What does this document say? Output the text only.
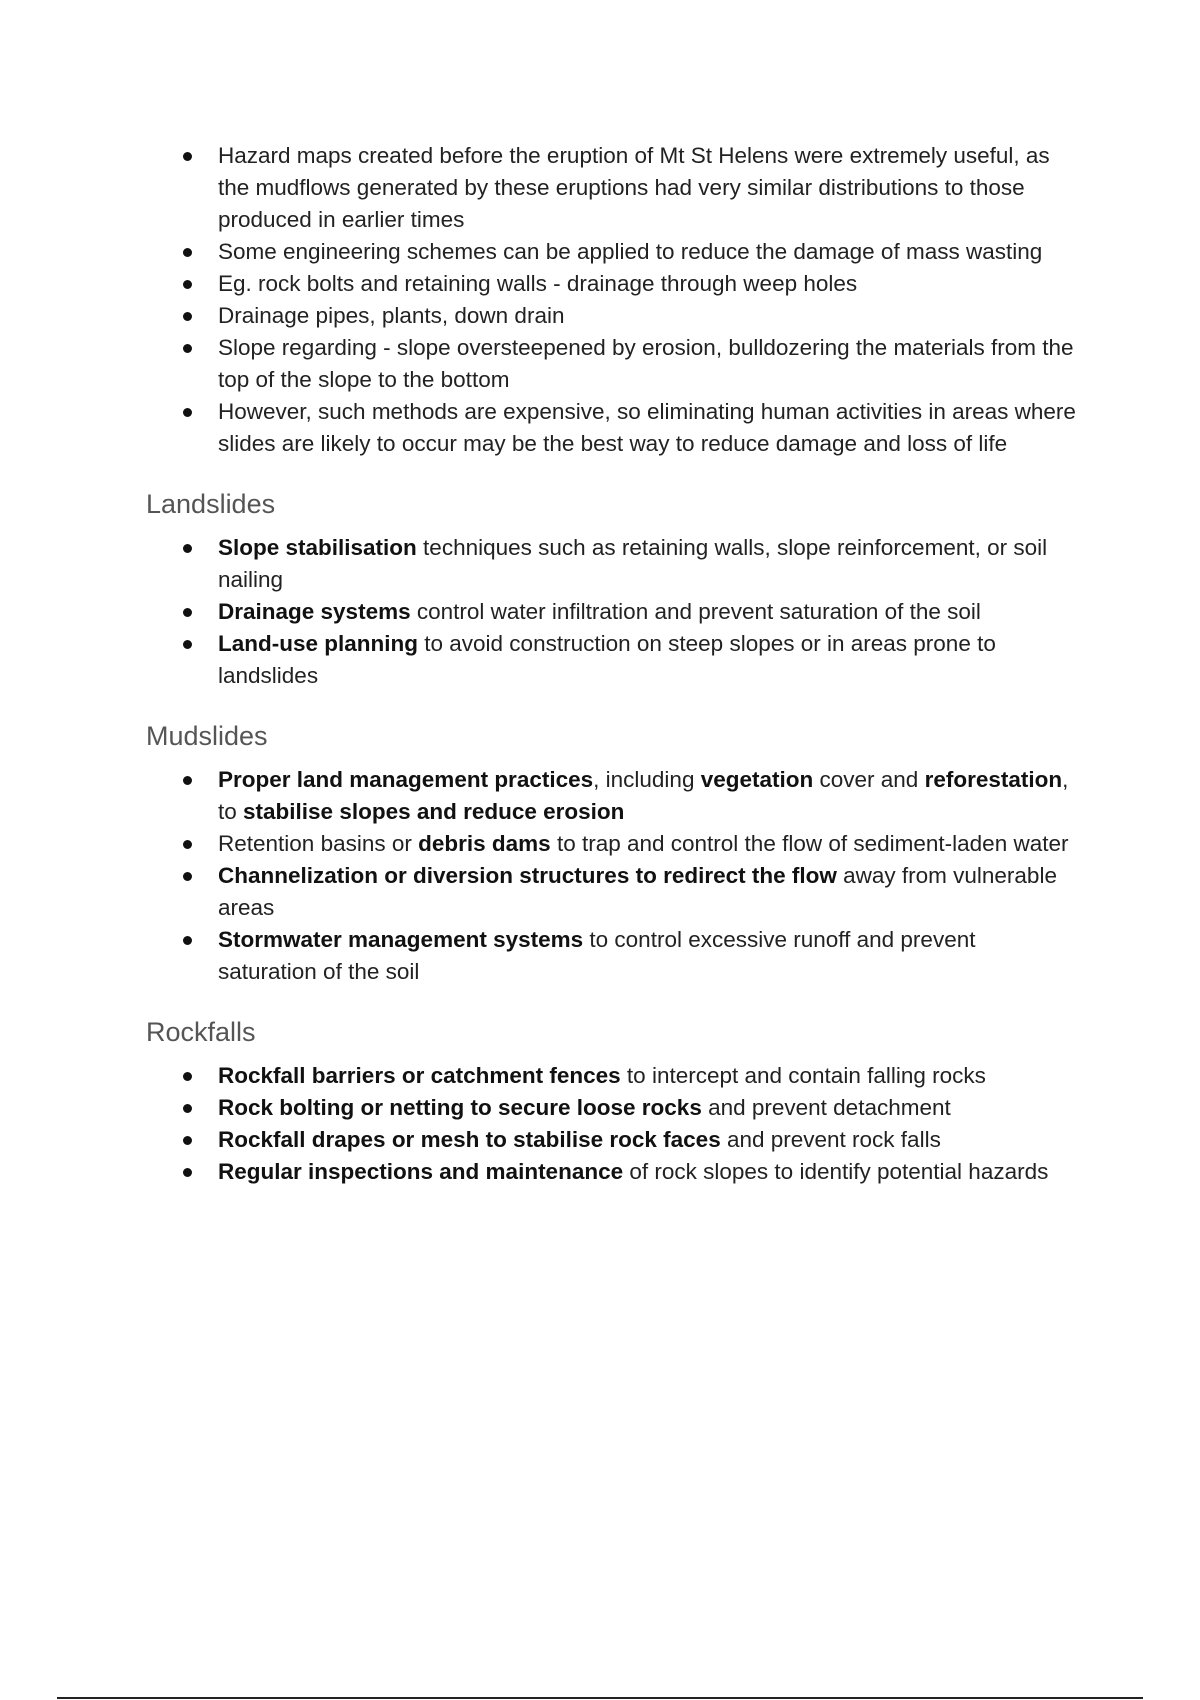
Hazard maps created before the eruption of Mt St Helens were extremely useful, as the mudflows generated by these eruptions had very similar distributions to those produced in earlier times
Some engineering schemes can be applied to reduce the damage of mass wasting
Eg. rock bolts and retaining walls - drainage through weep holes
Drainage pipes, plants, down drain
Slope regarding - slope oversteepened by erosion, bulldozering the materials from the top of the slope to the bottom
However, such methods are expensive, so eliminating human activities in areas where slides are likely to occur may be the best way to reduce damage and loss of life
Landslides
Slope stabilisation techniques such as retaining walls, slope reinforcement, or soil nailing
Drainage systems control water infiltration and prevent saturation of the soil
Land-use planning to avoid construction on steep slopes or in areas prone to landslides
Mudslides
Proper land management practices, including vegetation cover and reforestation, to stabilise slopes and reduce erosion
Retention basins or debris dams to trap and control the flow of sediment-laden water
Channelization or diversion structures to redirect the flow away from vulnerable areas
Stormwater management systems to control excessive runoff and prevent saturation of the soil
Rockfalls
Rockfall barriers or catchment fences to intercept and contain falling rocks
Rock bolting or netting to secure loose rocks and prevent detachment
Rockfall drapes or mesh to stabilise rock faces and prevent rock falls
Regular inspections and maintenance of rock slopes to identify potential hazards
